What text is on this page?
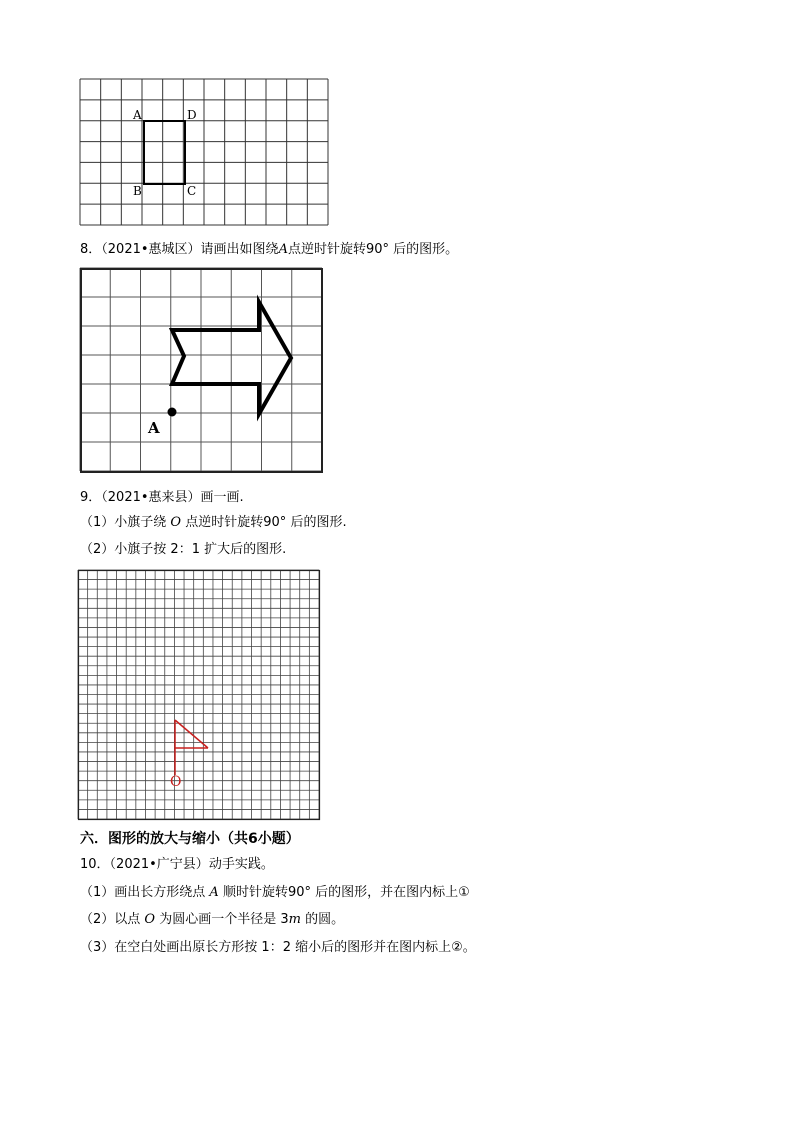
A	D
B	C
8．（2021•惠城区）请画出如图绕A点逆时针旋转90° 后的图形。
A
9．（2021•惠来县）画一画.
（1）小旗子绕 O 点逆时针旋转90° 后的图形.
（2）小旗子按 2：1 扩大后的图形.
O
六．图形的放大与缩小（共6小题）
10．（2021•广宁县）动手实践。
（1）画出长方形绕点 A 顺时针旋转90° 后的图形，并在图内标上①
（2）以点 O 为圆心画一个半径是 3m 的圆。
（3）在空白处画出原长方形按 1：2 缩小后的图形并在图内标上②。
